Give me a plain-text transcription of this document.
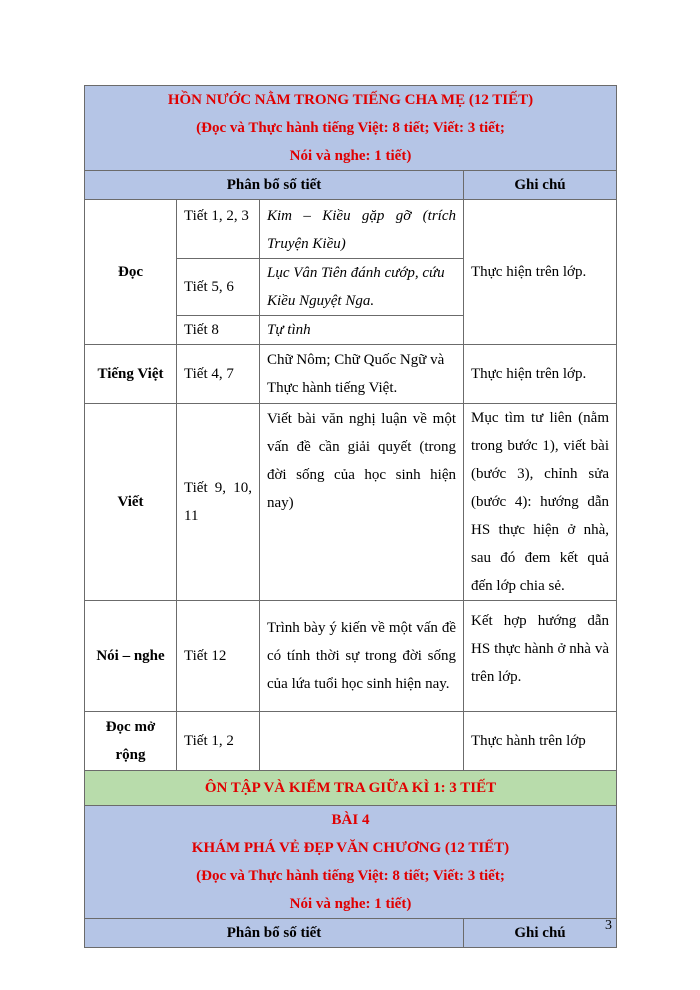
HỒN NƯỚC NẰM TRONG TIẾNG CHA MẸ (12 TIẾT)
(Đọc và Thực hành tiếng Việt: 8 tiết; Viết: 3 tiết;
Nói và nghe: 1 tiết)			

Phân bổ số tiết			Ghi chú
Đọc	Tiết 1, 2, 3	Kim – Kiều gặp gỡ (trích Truyện Kiều)	Thực hiện trên lớp.
	Tiết 5, 6	Lục Vân Tiên đánh cướp, cứu Kiều Nguyệt Nga.	
	Tiết 8	Tự tình	
Tiếng Việt	Tiết 4, 7	Chữ Nôm; Chữ Quốc Ngữ và Thực hành tiếng Việt.	Thực hiện trên lớp.
Viết	Tiết 9, 10, 11	Viết bài văn nghị luận về một vấn đề cần giải quyết (trong đời sống của học sinh hiện nay)	Mục tìm tư liên (nằm trong bước 1), viết bài (bước 3), chỉnh sửa (bước 4): hướng dẫn HS thực hiện ở nhà, sau đó đem kết quả đến lớp chia sẻ.
Nói – nghe	Tiết 12	Trình bày ý kiến về một vấn đề có tính thời sự trong đời sống của lứa tuổi học sinh hiện nay.	Kết hợp hướng dẫn HS thực hành ở nhà và trên lớp.
Đọc mở rộng	Tiết 1, 2		Thực hành trên lớp
ÔN TẬP VÀ KIỂM TRA GIỮA KÌ 1: 3 TIẾT			

BÀI 4
KHÁM PHÁ VẺ ĐẸP VĂN CHƯƠNG (12 TIẾT)
(Đọc và Thực hành tiếng Việt: 8 tiết; Viết: 3 tiết;
Nói và nghe: 1 tiết)			

Phân bổ số tiết			Ghi chú	3
